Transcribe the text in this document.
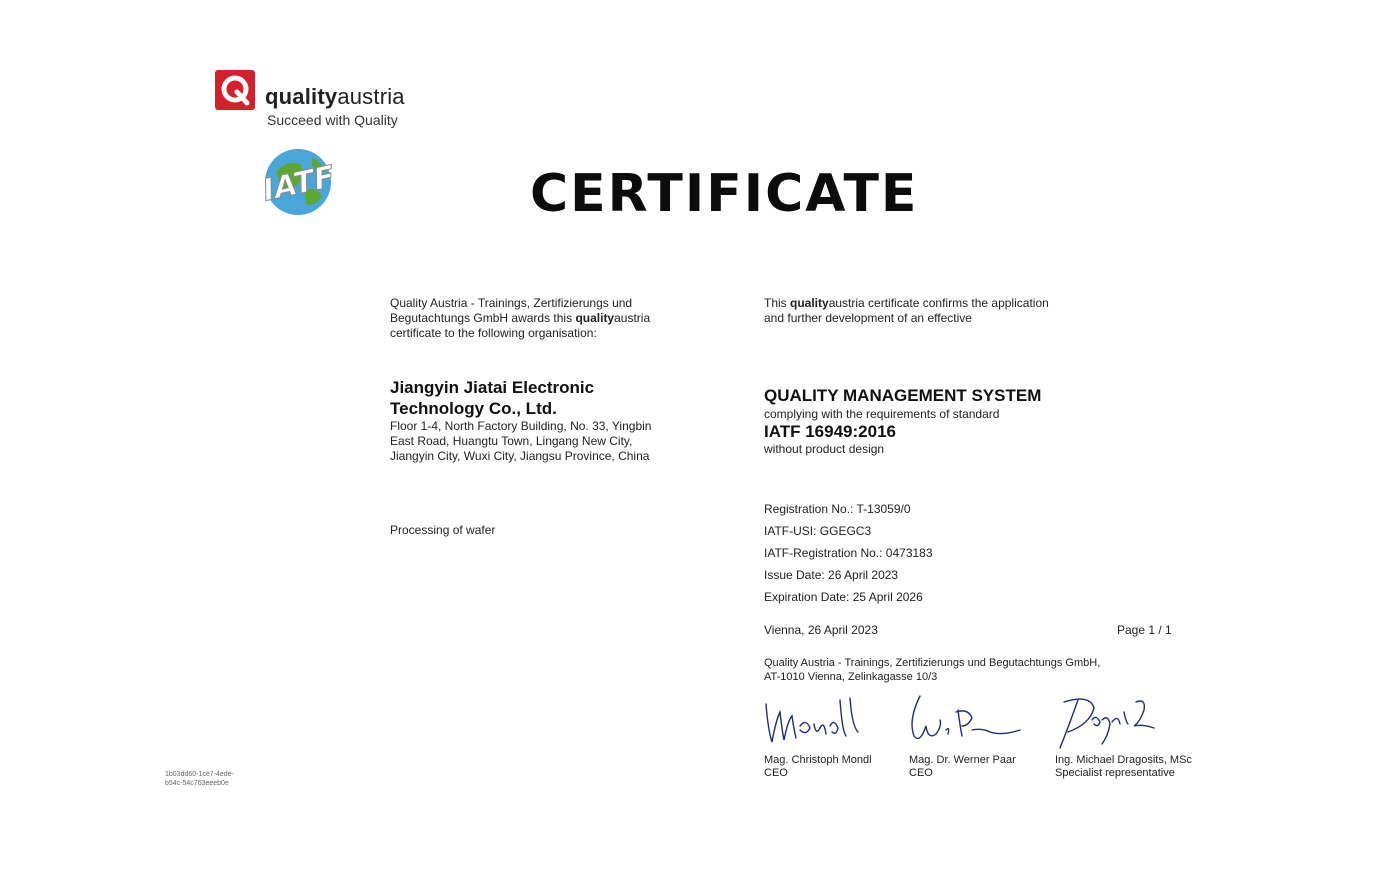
qualityaustria
Succeed with Quality
IATF	CERTIFICATE
Quality Austria - Trainings, Zertifizierungs und
Begutachtungs GmbH awards this qualityaustria
certificate to the following organisation:
Jiangyin Jiatai Electronic
Technology Co., Ltd.
Floor 1-4, North Factory Building, No. 33, Yingbin
East Road, Huangtu Town, Lingang New City,
Jiangyin City, Wuxi City, Jiangsu Province, China
Processing of wafer
This qualityaustria certificate confirms the application
and further development of an effective
QUALITY MANAGEMENT SYSTEM
complying with the requirements of standard
IATF 16949:2016
without product design
Registration No.: T-13059/0
IATF-USI: GGEGC3
IATF-Registration No.: 0473183
Issue Date: 26 April 2023
Expiration Date: 25 April 2026
Vienna, 26 April 2023	Page 1 / 1
Quality Austria - Trainings, Zertifizierungs und Begutachtungs GmbH,
AT-1010 Vienna, Zelinkagasse 10/3
Mag. Christoph Mondl
CEO
Mag. Dr. Werner Paar
CEO
Ing. Michael Dragosits, MSc
Specialist representative
1b03dd60-1ce7-4ede-
b54c-54c763eeeb0e
